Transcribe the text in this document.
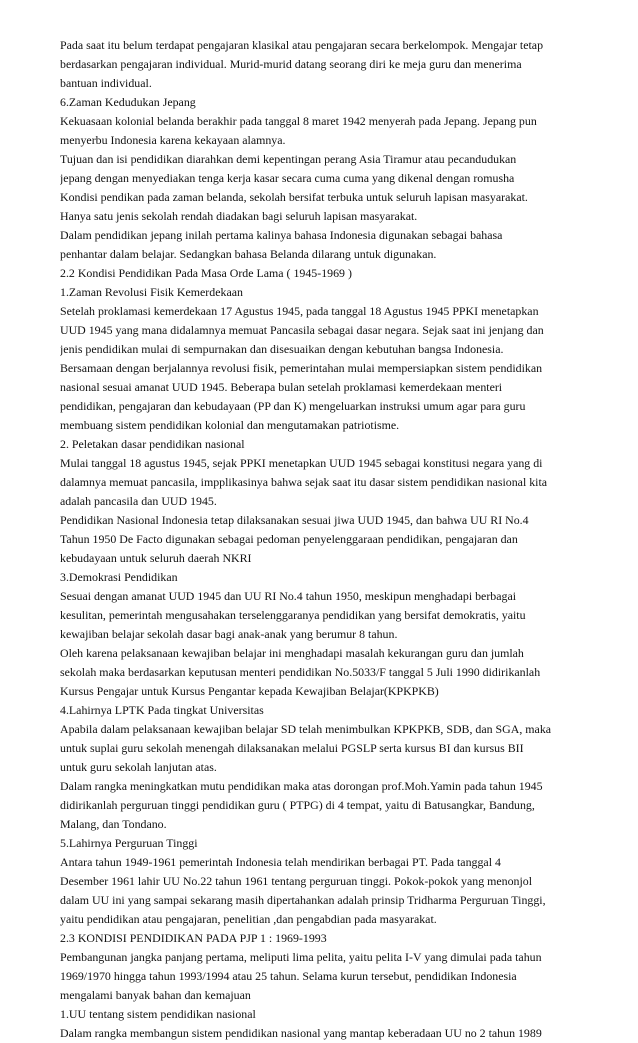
Pada saat itu belum terdapat pengajaran klasikal atau pengajaran secara berkelompok. Mengajar tetap
berdasarkan pengajaran individual. Murid-murid datang seorang diri ke meja guru dan menerima
bantuan individual.
6.Zaman Kedudukan Jepang
Kekuasaan kolonial belanda berakhir pada tanggal 8 maret 1942 menyerah pada Jepang. Jepang pun
menyerbu Indonesia karena kekayaan alamnya.
Tujuan dan isi pendidikan diarahkan demi kepentingan perang Asia Tiramur atau pecandudukan
jepang dengan menyediakan tenga kerja kasar secara cuma cuma yang dikenal dengan romusha
Kondisi pendikan pada zaman belanda, sekolah bersifat terbuka untuk seluruh lapisan masyarakat.
Hanya satu jenis sekolah rendah diadakan bagi seluruh lapisan masyarakat.
Dalam pendidikan jepang inilah pertama kalinya bahasa Indonesia digunakan sebagai bahasa
penhantar dalam belajar. Sedangkan bahasa Belanda dilarang untuk digunakan.
2.2 Kondisi Pendidikan Pada Masa Orde Lama ( 1945-1969 )
1.Zaman Revolusi Fisik Kemerdekaan
Setelah proklamasi kemerdekaan 17 Agustus 1945, pada tanggal 18 Agustus 1945 PPKI menetapkan
UUD 1945 yang mana didalamnya memuat Pancasila sebagai dasar negara. Sejak saat ini jenjang dan
jenis pendidikan mulai di sempurnakan dan disesuaikan dengan kebutuhan bangsa Indonesia.
Bersamaan dengan berjalannya revolusi fisik, pemerintahan mulai mempersiapkan sistem pendidikan
nasional sesuai amanat UUD 1945. Beberapa bulan setelah proklamasi kemerdekaan menteri
pendidikan, pengajaran dan kebudayaan (PP dan K) mengeluarkan instruksi umum agar para guru
membuang sistem pendidikan kolonial dan mengutamakan patriotisme.
2. Peletakan dasar pendidikan nasional
Mulai tanggal 18 agustus 1945, sejak PPKI menetapkan UUD 1945 sebagai konstitusi negara yang di
dalamnya memuat pancasila, impplikasinya bahwa sejak saat itu dasar sistem pendidikan nasional kita
adalah pancasila dan UUD 1945.
Pendidikan Nasional Indonesia tetap dilaksanakan sesuai jiwa UUD 1945, dan bahwa UU RI No.4
Tahun 1950 De Facto digunakan sebagai pedoman penyelenggaraan pendidikan, pengajaran dan
kebudayaan untuk seluruh daerah NKRI
3.Demokrasi Pendidikan
Sesuai dengan amanat UUD 1945 dan UU RI No.4 tahun 1950, meskipun menghadapi berbagai
kesulitan, pemerintah mengusahakan terselenggaranya pendidikan yang bersifat demokratis, yaitu
kewajiban belajar sekolah dasar bagi anak-anak yang berumur 8 tahun.
Oleh karena pelaksanaan kewajiban belajar ini menghadapi masalah kekurangan guru dan jumlah
sekolah maka berdasarkan keputusan menteri pendidikan No.5033/F tanggal 5 Juli 1990 didirikanlah
Kursus Pengajar untuk Kursus Pengantar kepada Kewajiban Belajar(KPKPKB)
4.Lahirnya LPTK Pada tingkat Universitas
Apabila dalam pelaksanaan kewajiban belajar SD telah menimbulkan KPKPKB, SDB, dan SGA, maka
untuk suplai guru sekolah menengah dilaksanakan melalui PGSLP serta kursus BI dan kursus BII
untuk guru sekolah lanjutan atas.
Dalam rangka meningkatkan mutu pendidikan maka atas dorongan prof.Moh.Yamin pada tahun 1945
didirikanlah perguruan tinggi pendidikan guru ( PTPG) di 4 tempat, yaitu di Batusangkar, Bandung,
Malang, dan Tondano.
5.Lahirnya Perguruan Tinggi
Antara tahun 1949-1961 pemerintah Indonesia telah mendirikan berbagai PT. Pada tanggal 4
Desember 1961 lahir UU No.22 tahun 1961 tentang perguruan tinggi. Pokok-pokok yang menonjol
dalam UU ini yang sampai sekarang masih dipertahankan adalah prinsip Tridharma Perguruan Tinggi,
yaitu pendidikan atau pengajaran, penelitian ,dan pengabdian pada masyarakat.
2.3 KONDISI PENDIDIKAN PADA PJP 1 : 1969-1993
Pembangunan jangka panjang pertama, meliputi lima pelita, yaitu pelita I-V yang dimulai pada tahun
1969/1970 hingga tahun 1993/1994 atau 25 tahun. Selama kurun tersebut, pendidikan Indonesia
mengalami banyak bahan dan kemajuan
1.UU tentang sistem pendidikan nasional
Dalam rangka membangun sistem pendidikan nasional yang mantap keberadaan UU no 2 tahun 1989
